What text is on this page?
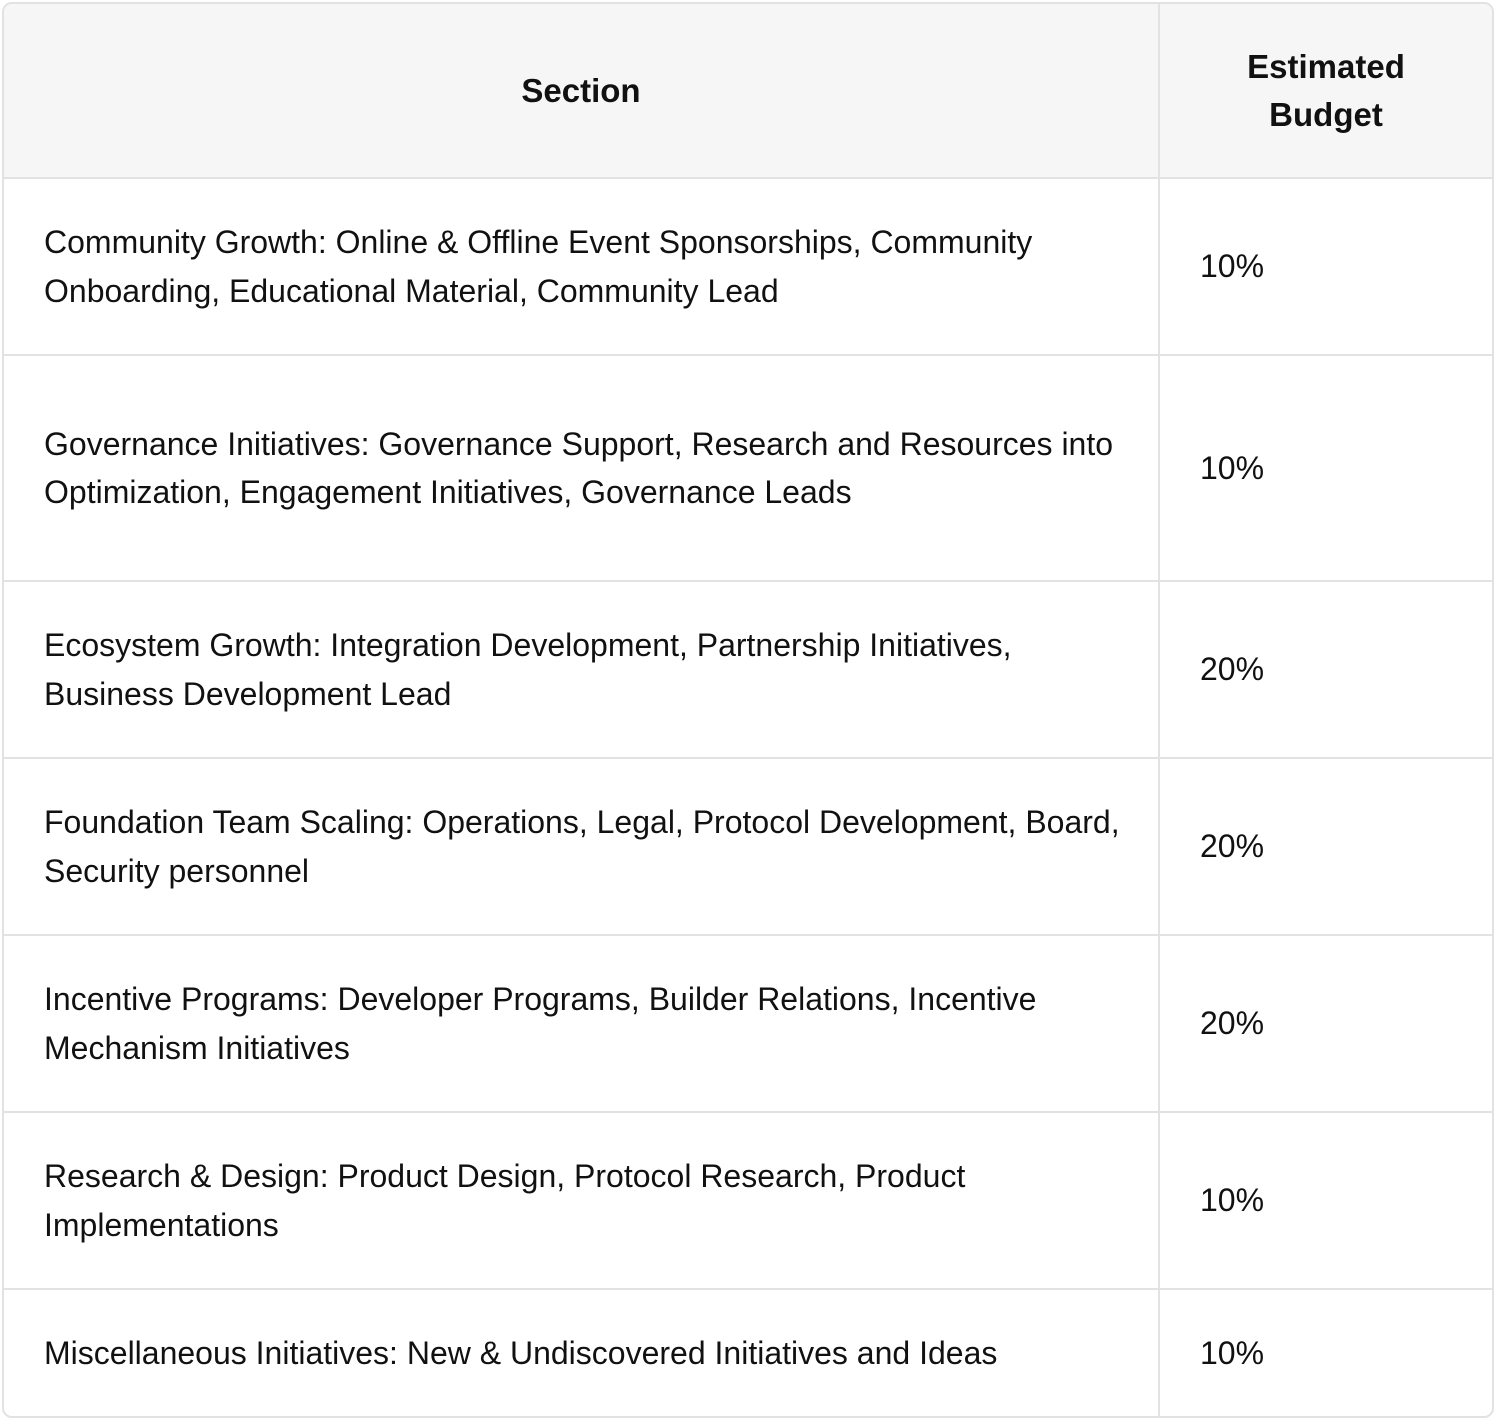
Section	Estimated Budget
Community Growth: Online & Offline Event Sponsorships, Community Onboarding, Educational Material, Community Lead	10%
Governance Initiatives: Governance Support, Research and Resources into Optimization, Engagement Initiatives, Governance Leads	10%
Ecosystem Growth: Integration Development, Partnership Initiatives, Business Development Lead	20%
Foundation Team Scaling: Operations, Legal, Protocol Development, Board, Security personnel	20%
Incentive Programs: Developer Programs, Builder Relations, Incentive Mechanism Initiatives	20%
Research & Design: Product Design, Protocol Research, Product Implementations	10%
Miscellaneous Initiatives: New & Undiscovered Initiatives and Ideas	10%
